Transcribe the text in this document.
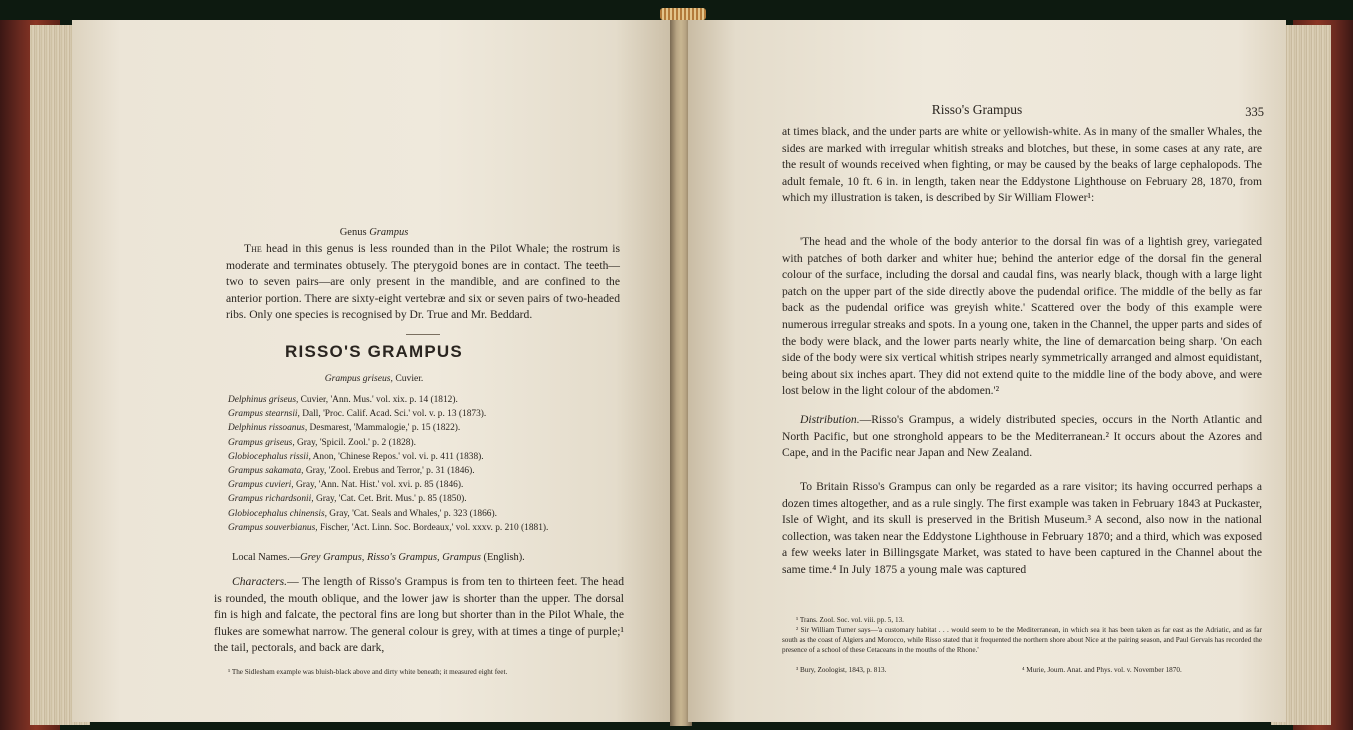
Genus Grampus
The head in this genus is less rounded than in the Pilot Whale; the rostrum is moderate and terminates obtusely. The pterygoid bones are in contact. The teeth—two to seven pairs—are only present in the mandible, and are confined to the anterior portion. There are sixty-eight vertebræ and six or seven pairs of two-headed ribs. Only one species is recognised by Dr. True and Mr. Beddard.
RISSO'S GRAMPUS
Grampus griseus, Cuvier.

Delphinus griseus, Cuvier, 'Ann. Mus.' vol. xix. p. 14 (1812).

Grampus stearnsii, Dall, 'Proc. Calif. Acad. Sci.' vol. v. p. 13 (1873).

Delphinus rissoanus, Desmarest, 'Mammalogie,' p. 15 (1822).

Grampus griseus, Gray, 'Spicil. Zool.' p. 2 (1828).

Globiocephalus rissii, Anon, 'Chinese Repos.' vol. vi. p. 411 (1838).

Grampus sakamata, Gray, 'Zool. Erebus and Terror,' p. 31 (1846).

Grampus cuvieri, Gray, 'Ann. Nat. Hist.' vol. xvi. p. 85 (1846).

Grampus richardsonii, Gray, 'Cat. Cet. Brit. Mus.' p. 85 (1850).

Globiocephalus chinensis, Gray, 'Cat. Seals and Whales,' p. 323 (1866).

Grampus souverbianus, Fischer, 'Act. Linn. Soc. Bordeaux,' vol. xxxv. p. 210 (1881).

Local Names.—Grey Grampus, Risso's Grampus, Grampus (English).
Characters.— The length of Risso's Grampus is from ten to thirteen feet. The head is rounded, the mouth oblique, and the lower jaw is shorter than the upper. The dorsal fin is high and falcate, the pectoral fins are long but shorter than in the Pilot Whale, the flukes are somewhat narrow. The general colour is grey, with at times a tinge of purple;¹ the tail, pectorals, and back are dark,
¹ The Sidlesham example was bluish-black above and dirty white beneath; it measured eight feet.
Risso's Grampus	335
at times black, and the under parts are white or yellowish-white. As in many of the smaller Whales, the sides are marked with irregular whitish streaks and blotches, but these, in some cases at any rate, are the result of wounds received when fighting, or may be caused by the beaks of large cephalopods. The adult female, 10 ft. 6 in. in length, taken near the Eddystone Lighthouse on February 28, 1870, from which my illustration is taken, is described by Sir William Flower¹:
'The head and the whole of the body anterior to the dorsal fin was of a lightish grey, variegated with patches of both darker and whiter hue; behind the anterior edge of the dorsal fin the general colour of the surface, including the dorsal and caudal fins, was nearly black, though with a large light patch on the upper part of the side directly above the pudendal orifice. The middle of the belly as far back as the pudendal orifice was greyish white.' Scattered over the body of this example were numerous irregular streaks and spots. In a young one, taken in the Channel, the upper parts and sides of the body were black, and the lower parts nearly white, the line of demarcation being sharp. 'On each side of the body were six vertical whitish stripes nearly symmetrically arranged and almost equidistant, being about six inches apart. They did not extend quite to the middle line of the body above, and were lost below in the light colour of the abdomen.'²
Distribution.—Risso's Grampus, a widely distributed species, occurs in the North Atlantic and North Pacific, but one stronghold appears to be the Mediterranean.² It occurs about the Azores and Cape, and in the Pacific near Japan and New Zealand.
To Britain Risso's Grampus can only be regarded as a rare visitor; its having occurred perhaps a dozen times altogether, and as a rule singly. The first example was taken in February 1843 at Puckaster, Isle of Wight, and its skull is preserved in the British Museum.³ A second, also now in the national collection, was taken near the Eddystone Lighthouse in February 1870; and a third, which was exposed a few weeks later in Billingsgate Market, was stated to have been captured in the Channel about the same time.⁴ In July 1875 a young male was captured
¹ Trans. Zool. Soc. vol. viii. pp. 5, 13.
² Sir William Turner says—'a customary habitat . . . would seem to be the Mediterranean, in which sea it has been taken as far east as the Adriatic, and as far south as the coast of Algiers and Morocco, while Risso stated that it frequented the northern shore about Nice at the pairing season, and Paul Gervais has recorded the presence of a school of these Cetaceans in the mouths of the Rhone.'
³ Bury, Zoologist, 1843, p. 813.	⁴ Murie, Journ. Anat. and Phys. vol. v. November 1870.
